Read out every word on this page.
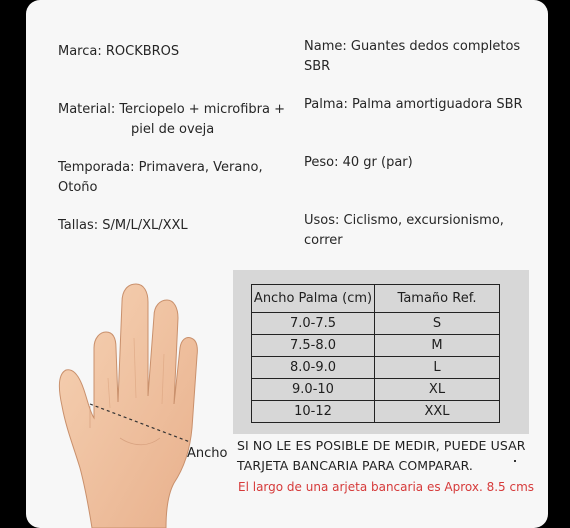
Marca: ROCKBROS	Name: Guantes dedos completos

SBR

Material: Terciopelo + microfibra +

piel de oveja

Palma: Palma amortiguadora SBR

Temporada: Primavera, Verano,

Otoño

Peso: 40 gr (par)

Tallas: S/M/L/XL/XXL	Usos: Ciclismo, excursionismo,

correr

Ancho Palma (cm)	Tamaño Ref.
7.0-7.5	S
7.5-8.0	M
8.0-9.0	L
9.0-10	XL
10-12	XXL
Ancho
SI NO LE ES POSIBLE DE MEDIR, PUEDE USAR
TARJETA BANCARIA PARA COMPARAR.
El largo de una arjeta bancaria es Aprox. 8.5 cms
